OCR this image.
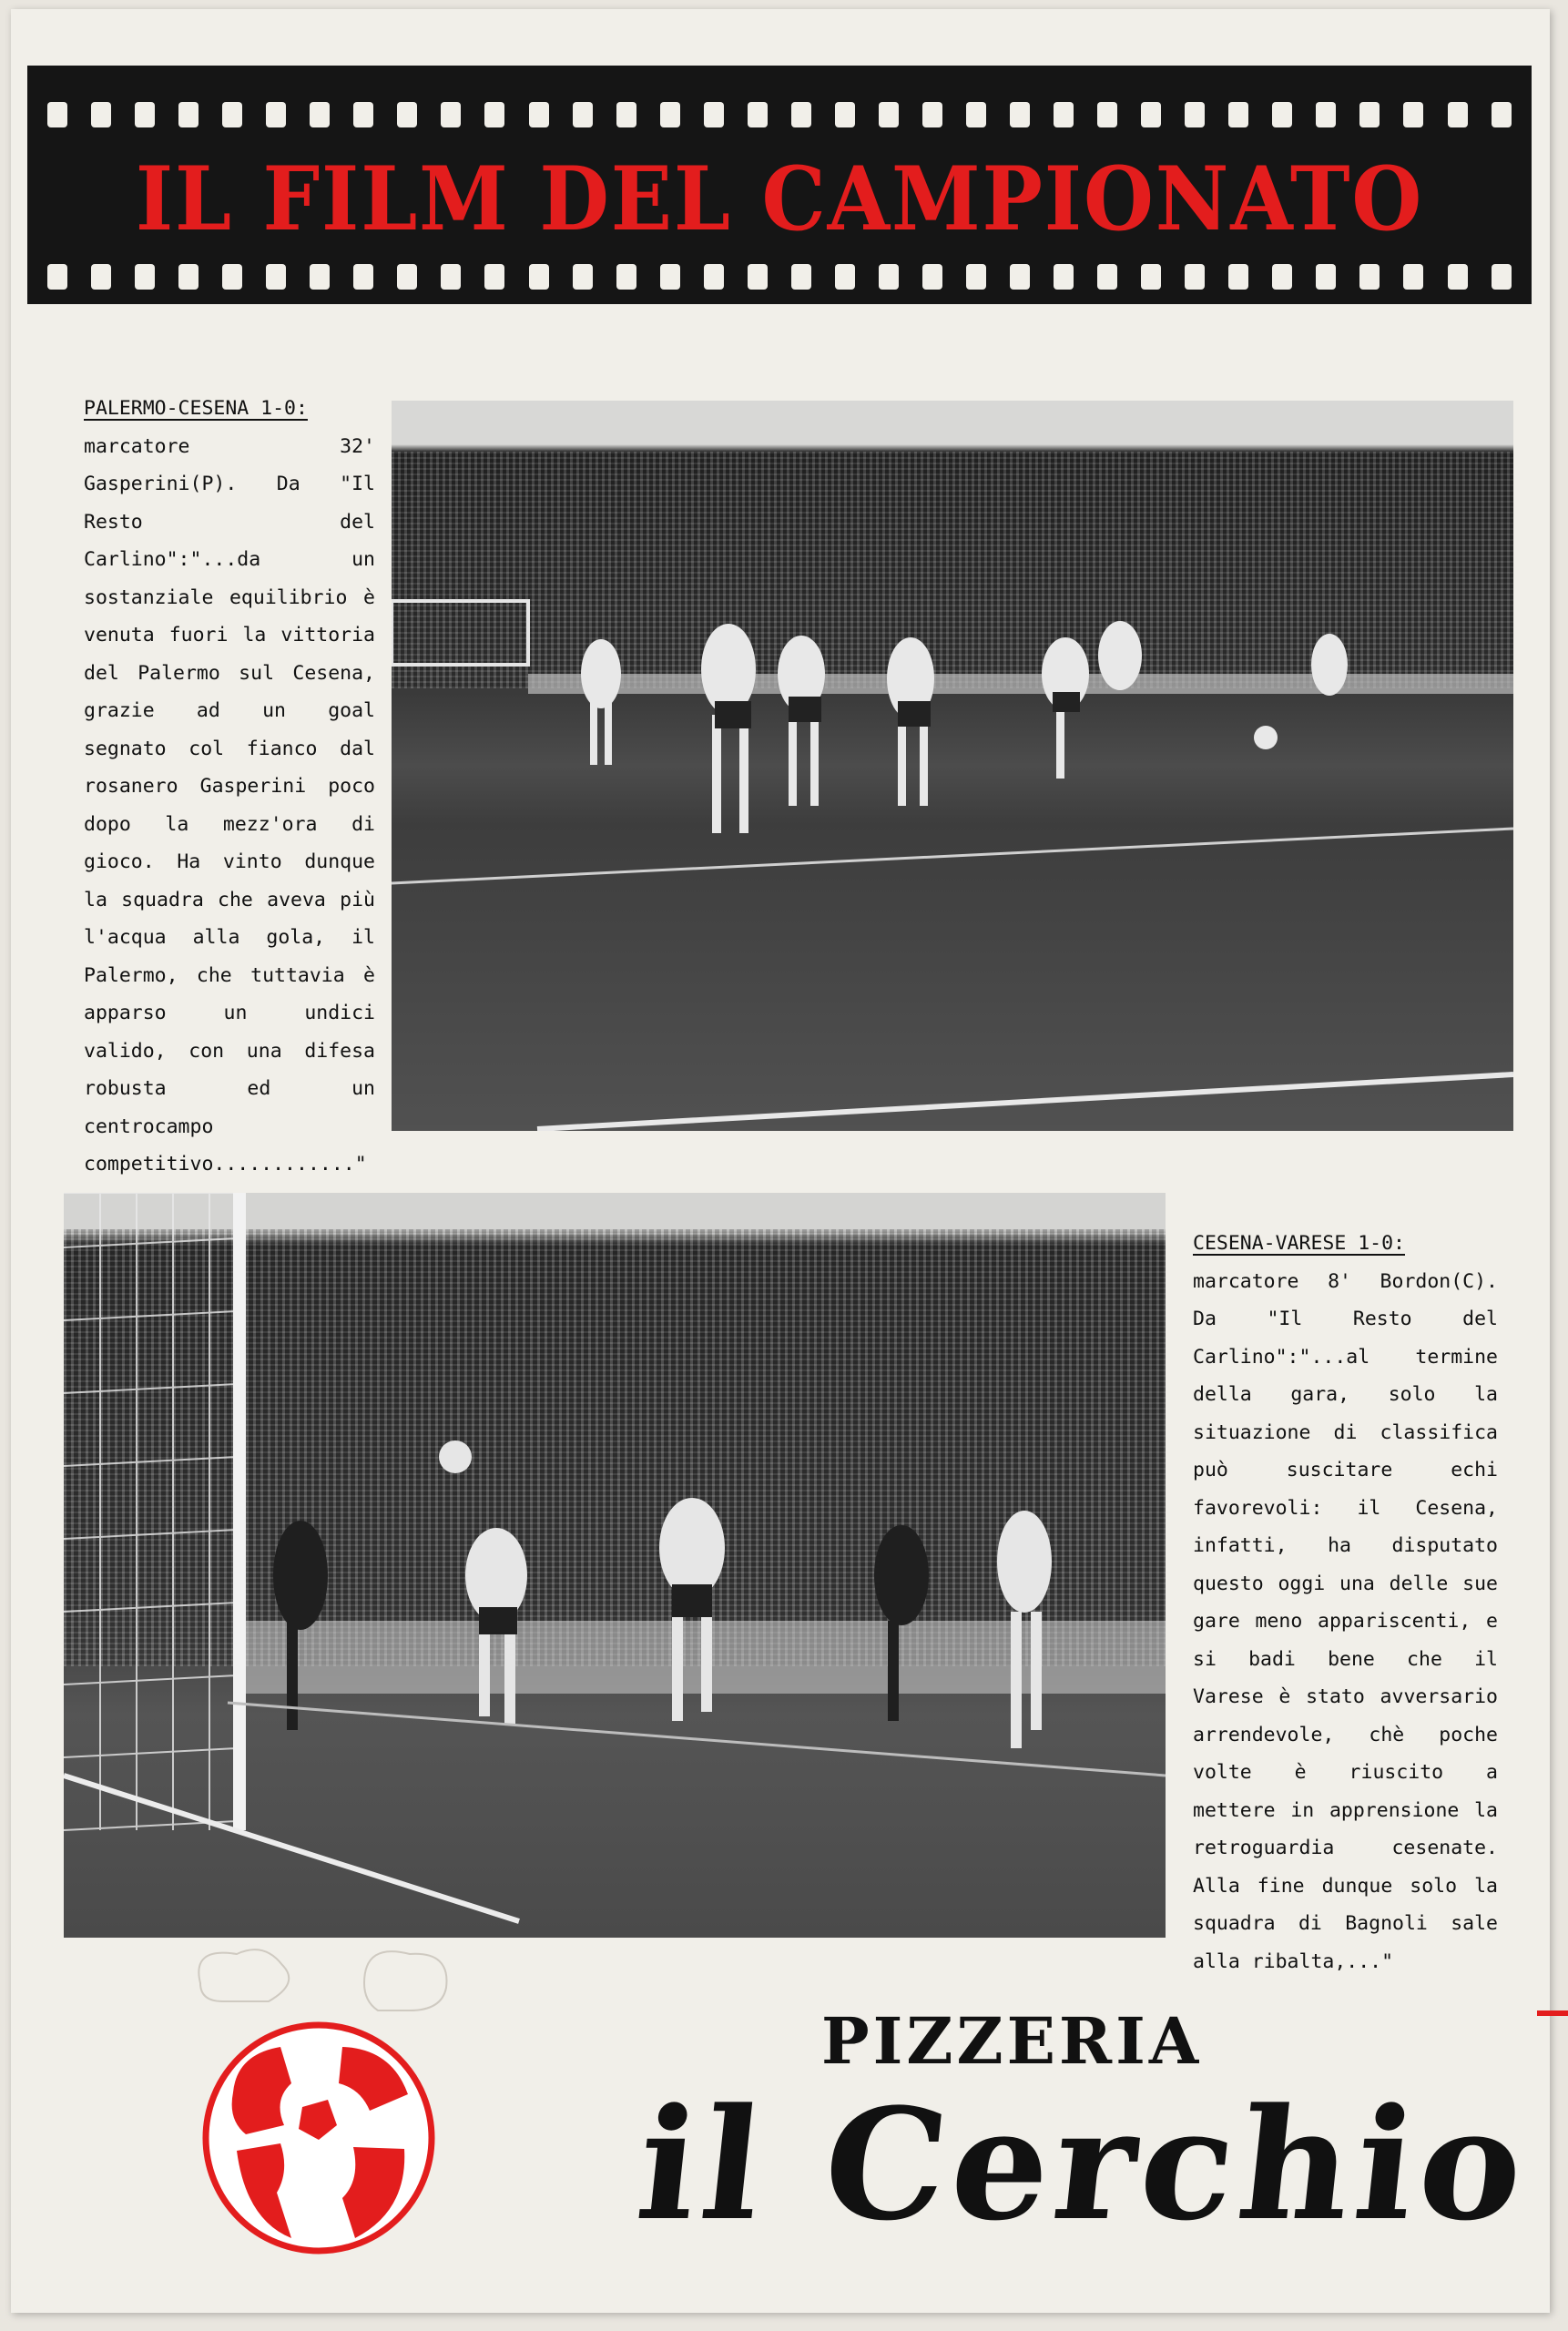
IL FILM DEL CAMPIONATO
PALERMO-CESENA 1-0:
marcatore 32' Gasperini(P). Da "Il Resto del Carlino":"...da un sostanziale equilibrio è venuta fuori la vittoria del Palermo sul Cesena, grazie ad un goal segnato col fianco dal rosanero Gasperini poco dopo la mezz'ora di gioco. Ha vinto dunque la squadra che aveva più l'acqua alla gola, il Palermo, che tuttavia è apparso un undici valido, con una difesa robusta ed un centrocampo competitivo............"
CESENA-VARESE 1-0:
marcatore 8' Bordon(C). Da "Il Resto del Carlino":"...al termine della gara, solo la situazione di classifica può suscitare echi favorevoli: il Cesena, infatti, ha disputato questo oggi una delle sue gare meno appariscenti, e si badi bene che il Varese è stato avversario arrendevole, chè poche volte è riuscito a mettere in apprensione la retroguardia cesenate. Alla fine dunque solo la squadra di Bagnoli sale alla ribalta,..."
PIZZERIA
il Cerchio
